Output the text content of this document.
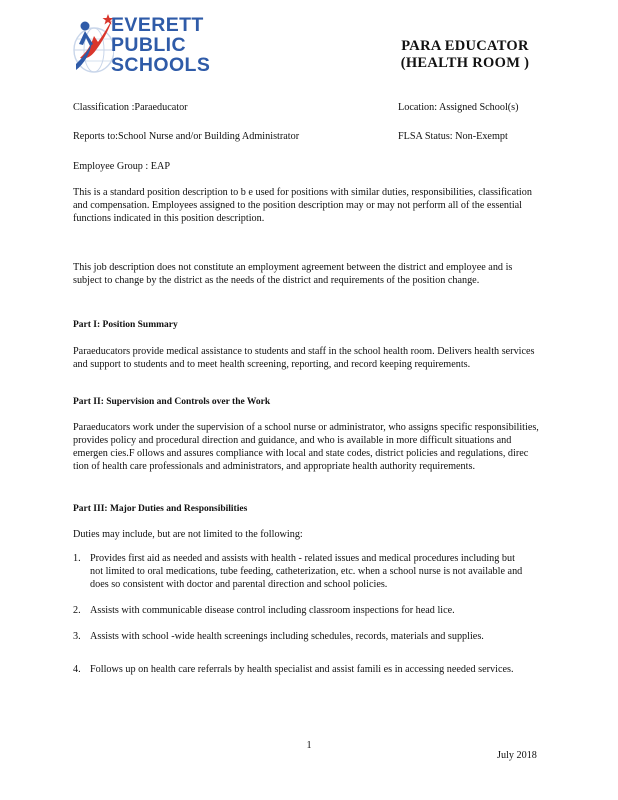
EVERETT
PUBLIC
SCHOOLS
PARA EDUCATOR
(HEALTH ROOM )
Classification :Paraeducator	Location: Assigned School(s)
Reports to:School Nurse and/or Building Administrator	FLSA Status: Non-Exempt
Employee Group : EAP

This is a standard position description to b e used for positions with similar duties, responsibilities, classification and compensation. Employees assigned to the position description may or may not perform all of the essential functions indicated in this position description.

This job description does not constitute an employment agreement between the district and employee and is subject to change by the district as the needs of the district and requirements of the position change.

Part I: Position Summary

Paraeducators provide medical assistance to students and staff in the school health room. Delivers health services and support to students and to meet health screening, reporting, and record keeping requirements.

Part II: Supervision and Controls over the Work

Paraeducators work under the supervision of a school nurse or administrator, who assigns specific responsibilities, provides policy and procedural direction and guidance, and who is available in more difficult situations and emergen cies.F ollows and assures compliance with local and state codes, district policies and regulations, direc tion of health care professionals and administrators, and appropriate health authority requirements.

Part III: Major Duties and Responsibilities
Duties may include, but are not limited to the following:
1. Provides first aid as needed and assists with health - related issues and medical procedures including but not limited to oral medications, tube feeding, catheterization, etc. when a school nurse is not available and does so consistent with doctor and parental direction and school policies.
2. Assists with communicable disease control including classroom inspections for head lice.
3. Assists with school -wide health screenings including schedules, records, materials and supplies.
4. Follows up on health care referrals by health specialist and assist famili es in accessing needed services.
1
July 2018
